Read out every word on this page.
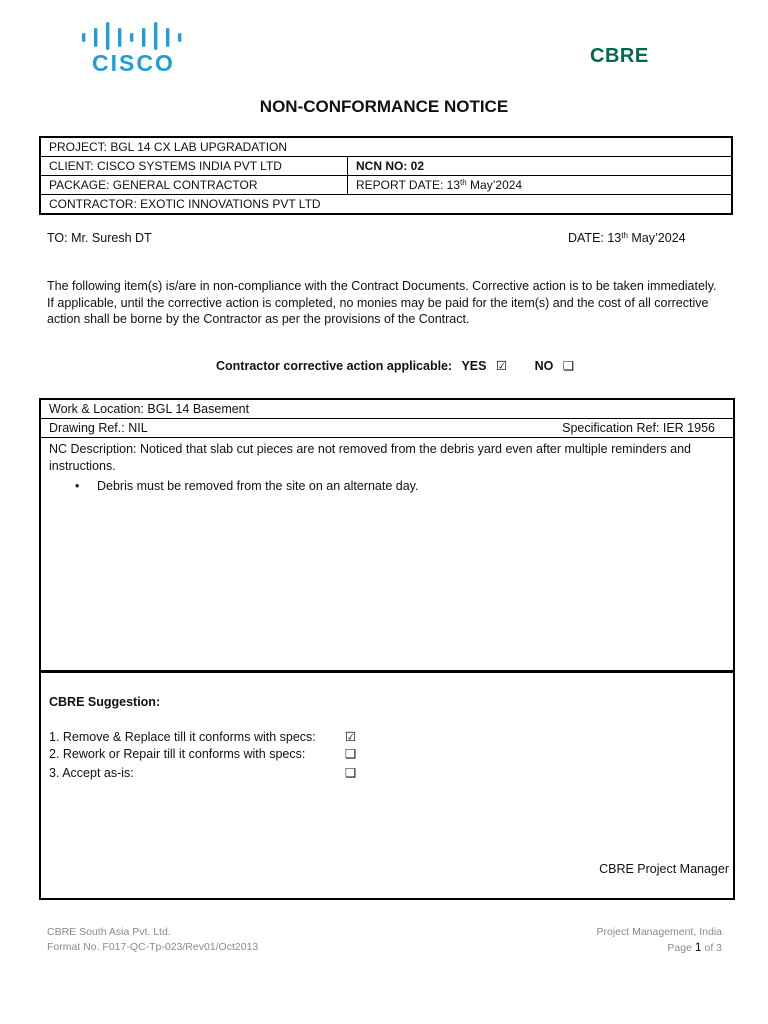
CISCO	CBRE
NON-CONFORMANCE NOTICE
PROJECT: BGL 14 CX LAB UPGRADATION	
CLIENT: CISCO SYSTEMS INDIA PVT LTD	NCN NO: 02
PACKAGE: GENERAL CONTRACTOR	REPORT DATE: 13th May’2024
CONTRACTOR: EXOTIC INNOVATIONS PVT LTD	
TO: Mr. Suresh DT	DATE: 13th May’2024
The following item(s) is/are in non-compliance with the Contract Documents. Corrective action is to be taken immediately. If applicable, until the corrective action is completed, no monies may be paid for the item(s) and the cost of all corrective action shall be borne by the Contractor as per the provisions of the Contract.
Contractor corrective action applicable: YES ☑ NO ❑
Work & Location: BGL 14 Basement
Drawing Ref.: NIL	Specification Ref: IER 1956
NC Description: Noticed that slab cut pieces are not removed from the debris yard even after multiple reminders and instructions.
• Debris must be removed from the site on an alternate day.
CBRE Suggestion:
1. Remove & Replace till it conforms with specs: ☑
2. Rework or Repair till it conforms with specs:	❑
3. Accept as-is:	❑
CBRE Project Manager
CBRE South Asia Pvt. Ltd.
Format No. F017-QC-Tp-023/Rev01/Oct2013
Project Management, India
Page 1 of 3
